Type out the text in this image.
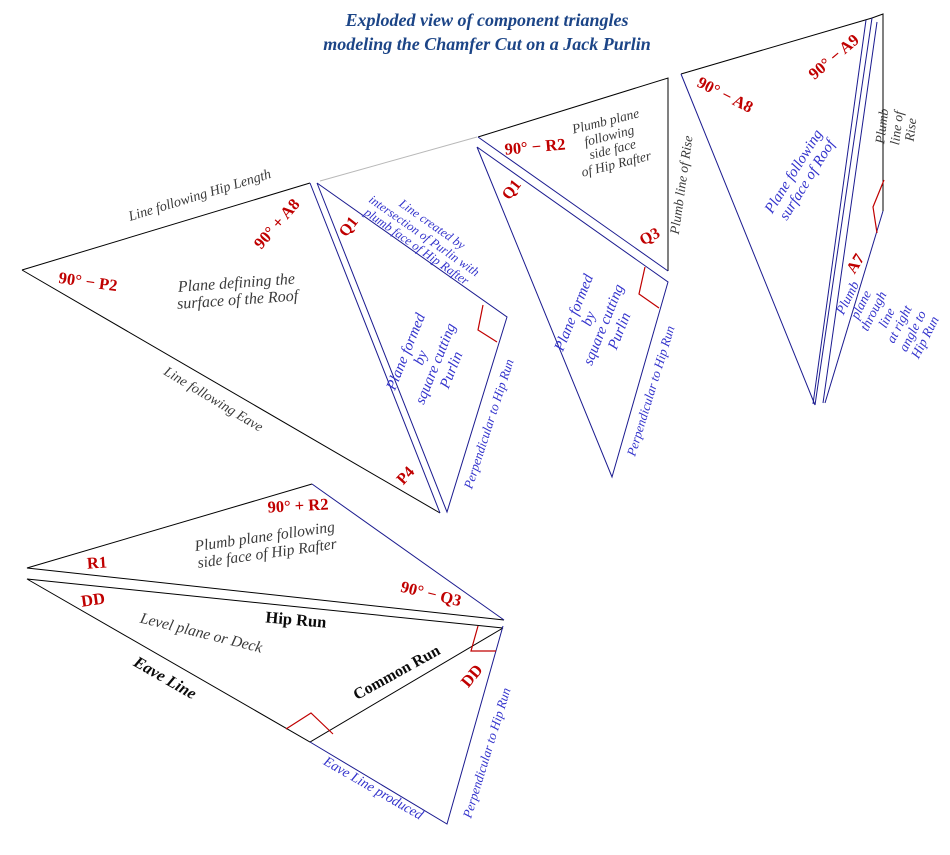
Exploded view of component triangles
modeling the Chamfer Cut on a Jack Purlin
Line following Hip Length
90° − P2
90° + A8
Plane defining the
surface of the Roof
Line following Eave
Q1	Line created by
intersection of Purlin with
plumb face of Hip Rafter
Plane formed
by
square cutting
Purlin
P4	Perpendicular to Hip Run
90° − R2
Plumb plane
following
side face
of Hip Rafter
Q1
Q3
Plumb line of Rise
Plane formed
by
square cutting
Purlin
Perpendicular to Hip Run
90° − A8
90° − A9
Plane following
surface of Roof
A7
Plumb plane through line
at right angle to Hip Run
Plumb line of Rise
90° + R2
R1
DD
Plumb plane following
side face of Hip Rafter
90° − Q3
Hip Run
Level plane or Deck
Eave Line	Common Run DD
Eave Line produced	Perpendicular to Hip Run
